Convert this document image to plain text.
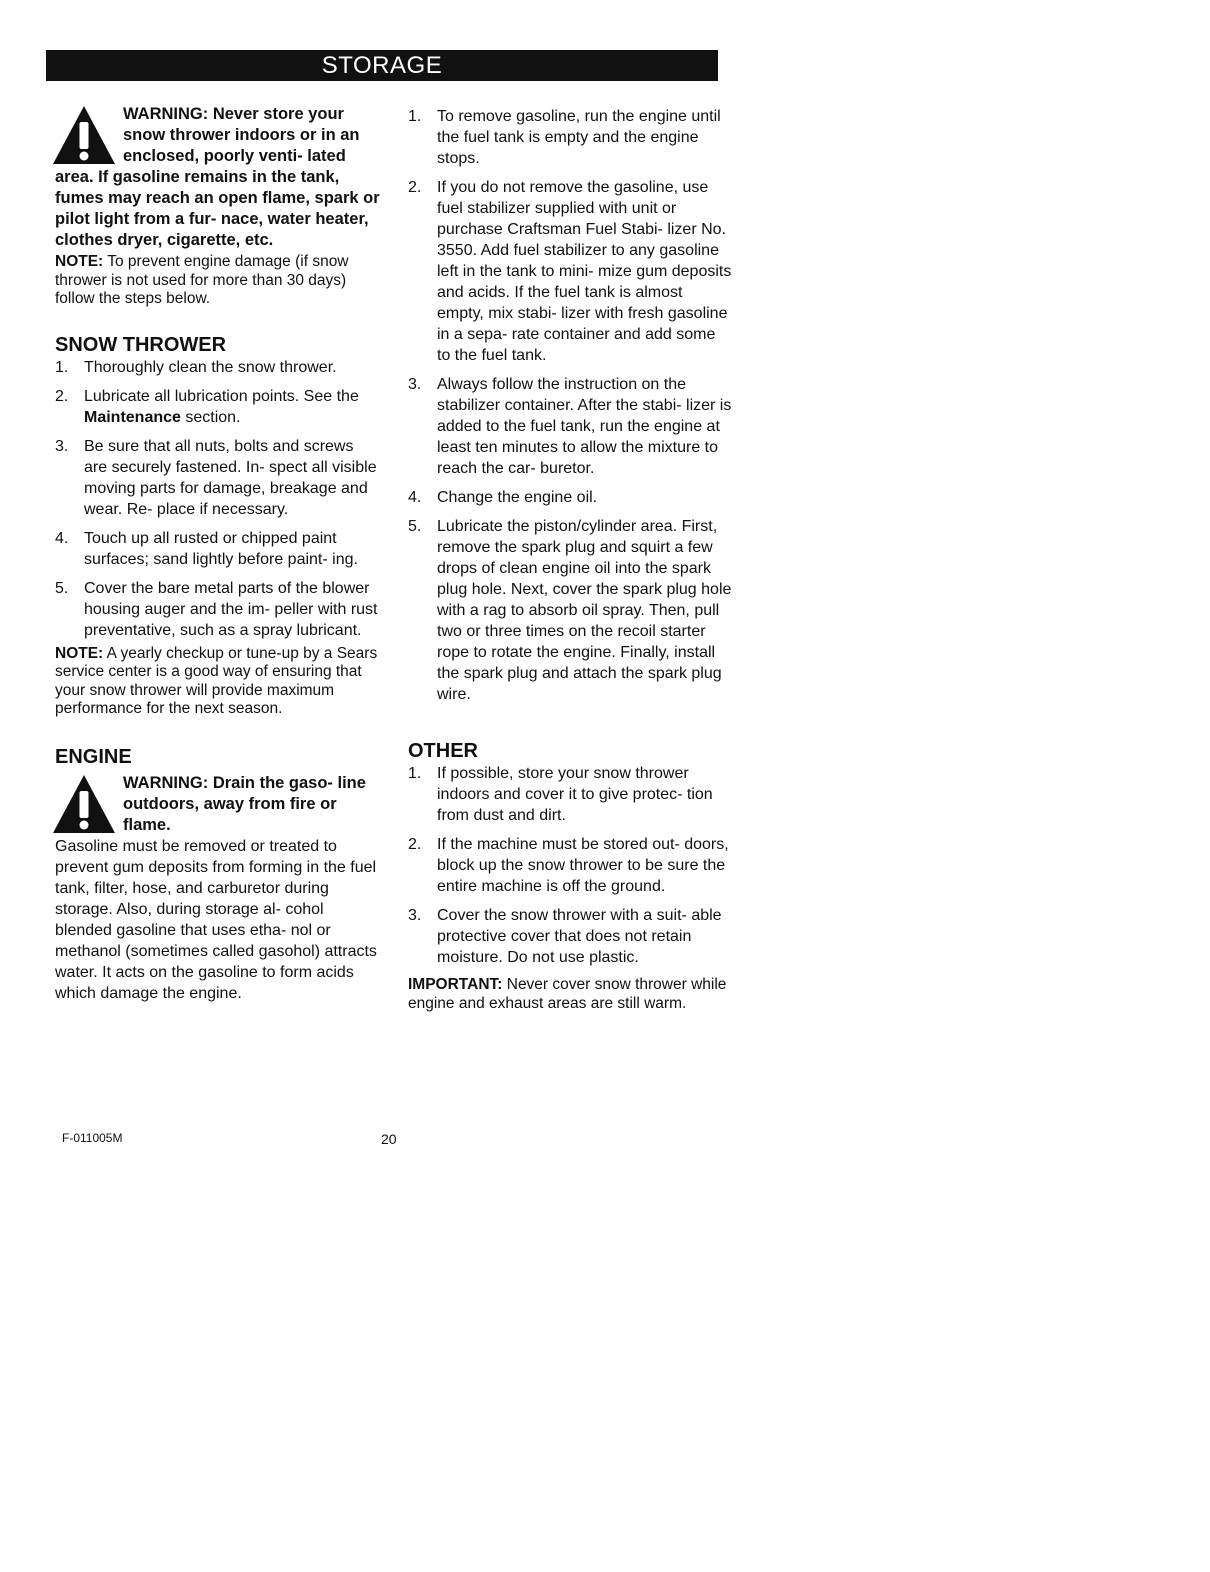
STORAGE
WARNING: Never store your snow thrower indoors or in an enclosed, poorly venti- lated area. If gasoline remains in the tank, fumes may reach an open flame, spark or pilot light from a fur- nace, water heater, clothes dryer, cigarette, etc.

NOTE: To prevent engine damage (if snow thrower is not used for more than 30 days) follow the steps below.

SNOW THROWER
1. Thoroughly clean the snow thrower.
2. Lubricate all lubrication points. See the Maintenance section.
3. Be sure that all nuts, bolts and screws are securely fastened. In- spect all visible moving parts for damage, breakage and wear. Re- place if necessary.
4. Touch up all rusted or chipped paint surfaces; sand lightly before paint- ing.
5. Cover the bare metal parts of the blower housing auger and the im- peller with rust preventative, such as a spray lubricant.

NOTE: A yearly checkup or tune-up by a Sears service center is a good way of ensuring that your snow thrower will provide maximum performance for the next season.

ENGINE
WARNING: Drain the gaso- line outdoors, away from fire or flame.

Gasoline must be removed or treated to prevent gum deposits from forming in the fuel tank, filter, hose, and carburetor during storage. Also, during storage al- cohol blended gasoline that uses etha- nol or methanol (sometimes called gasohol) attracts water. It acts on the gasoline to form acids which damage the engine.

1. To remove gasoline, run the engine until the fuel tank is empty and the engine stops.
2. If you do not remove the gasoline, use fuel stabilizer supplied with unit or purchase Craftsman Fuel Stabi- lizer No. 3550. Add fuel stabilizer to any gasoline left in the tank to mini- mize gum deposits and acids. If the fuel tank is almost empty, mix stabi- lizer with fresh gasoline in a sepa- rate container and add some to the fuel tank.
3. Always follow the instruction on the stabilizer container. After the stabi- lizer is added to the fuel tank, run the engine at least ten minutes to allow the mixture to reach the car- buretor.
4. Change the engine oil.
5. Lubricate the piston/cylinder area. First, remove the spark plug and squirt a few drops of clean engine oil into the spark plug hole. Next, cover the spark plug hole with a rag to absorb oil spray. Then, pull two or three times on the recoil starter rope to rotate the engine. Finally, install the spark plug and attach the spark plug wire.
OTHER
1. If possible, store your snow thrower indoors and cover it to give protec- tion from dust and dirt.
2. If the machine must be stored out- doors, block up the snow thrower to be sure the entire machine is off the ground.
3. Cover the snow thrower with a suit- able protective cover that does not retain moisture. Do not use plastic.

IMPORTANT: Never cover snow thrower while engine and exhaust areas are still warm.

F-011005M	20
